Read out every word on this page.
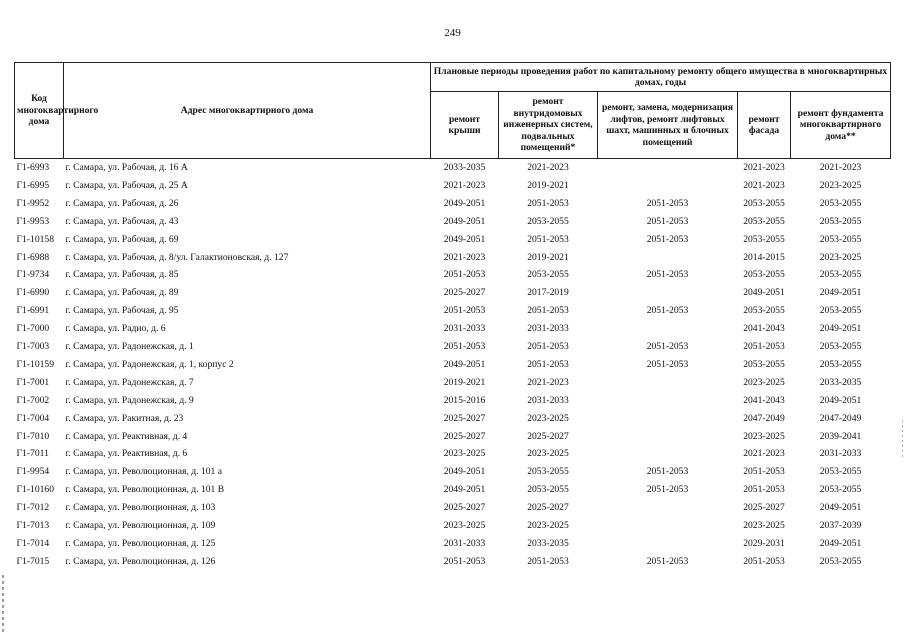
249
Код многоквартирного дома	Адрес многоквартирного дома	Плановые периоды проведения работ по капитальному ремонту общего имущества в многоквартирных домах, годы				
		ремонт крыши	ремонт внутридомовых инженерных систем, подвальных помещений*	ремонт, замена, модернизация лифтов, ремонт лифтовых шахт, машинных и блочных помещений	ремонт фасада	ремонт фундамента многоквартирного дома**
Г1-6993	г. Самара, ул. Рабочая, д. 16 А	2033-2035	2021-2023		2021-2023	2021-2023
Г1-6995	г. Самара, ул. Рабочая, д. 25 А	2021-2023	2019-2021		2021-2023	2023-2025
Г1-9952	г. Самара, ул. Рабочая, д. 26	2049-2051	2051-2053	2051-2053	2053-2055	2053-2055
Г1-9953	г. Самара, ул. Рабочая, д. 43	2049-2051	2053-2055	2051-2053	2053-2055	2053-2055
Г1-10158	г. Самара, ул. Рабочая, д. 69	2049-2051	2051-2053	2051-2053	2053-2055	2053-2055
Г1-6988	г. Самара, ул. Рабочая, д. 8/ул. Галактионовская, д. 127	2021-2023	2019-2021		2014-2015	2023-2025
Г1-9734	г. Самара, ул. Рабочая, д. 85	2051-2053	2053-2055	2051-2053	2053-2055	2053-2055
Г1-6990	г. Самара, ул. Рабочая, д. 89	2025-2027	2017-2019		2049-2051	2049-2051
Г1-6991	г. Самара, ул. Рабочая, д. 95	2051-2053	2051-2053	2051-2053	2053-2055	2053-2055
Г1-7000	г. Самара, ул. Радио, д. 6	2031-2033	2031-2033		2041-2043	2049-2051
Г1-7003	г. Самара, ул. Радонежская, д. 1	2051-2053	2051-2053	2051-2053	2051-2053	2053-2055
Г1-10159	г. Самара, ул. Радонежская, д. 1, корпус 2	2049-2051	2051-2053	2051-2053	2053-2055	2053-2055
Г1-7001	г. Самара, ул. Радонежская, д. 7	2019-2021	2021-2023		2023-2025	2033-2035
Г1-7002	г. Самара, ул. Радонежская, д. 9	2015-2016	2031-2033		2041-2043	2049-2051
Г1-7004	г. Самара, ул. Ракитная, д. 23	2025-2027	2023-2025		2047-2049	2047-2049
Г1-7010	г. Самара, ул. Реактивная, д. 4	2025-2027	2025-2027		2023-2025	2039-2041
Г1-7011	г. Самара, ул. Реактивная, д. 6	2023-2025	2023-2025		2021-2023	2031-2033
Г1-9954	г. Самара, ул. Революционная, д. 101 а	2049-2051	2053-2055	2051-2053	2051-2053	2053-2055
Г1-10160	г. Самара, ул. Революционная, д. 101 В	2049-2051	2053-2055	2051-2053	2051-2053	2053-2055
Г1-7012	г. Самара, ул. Революционная, д. 103	2025-2027	2025-2027		2025-2027	2049-2051
Г1-7013	г. Самара, ул. Революционная, д. 109	2023-2025	2023-2025		2023-2025	2037-2039
Г1-7014	г. Самара, ул. Революционная, д. 125	2031-2033	2033-2035		2029-2031	2049-2051
Г1-7015	г. Самара, ул. Революционная, д. 126	2051-2053	2051-2053	2051-2053	2051-2053	2053-2055
